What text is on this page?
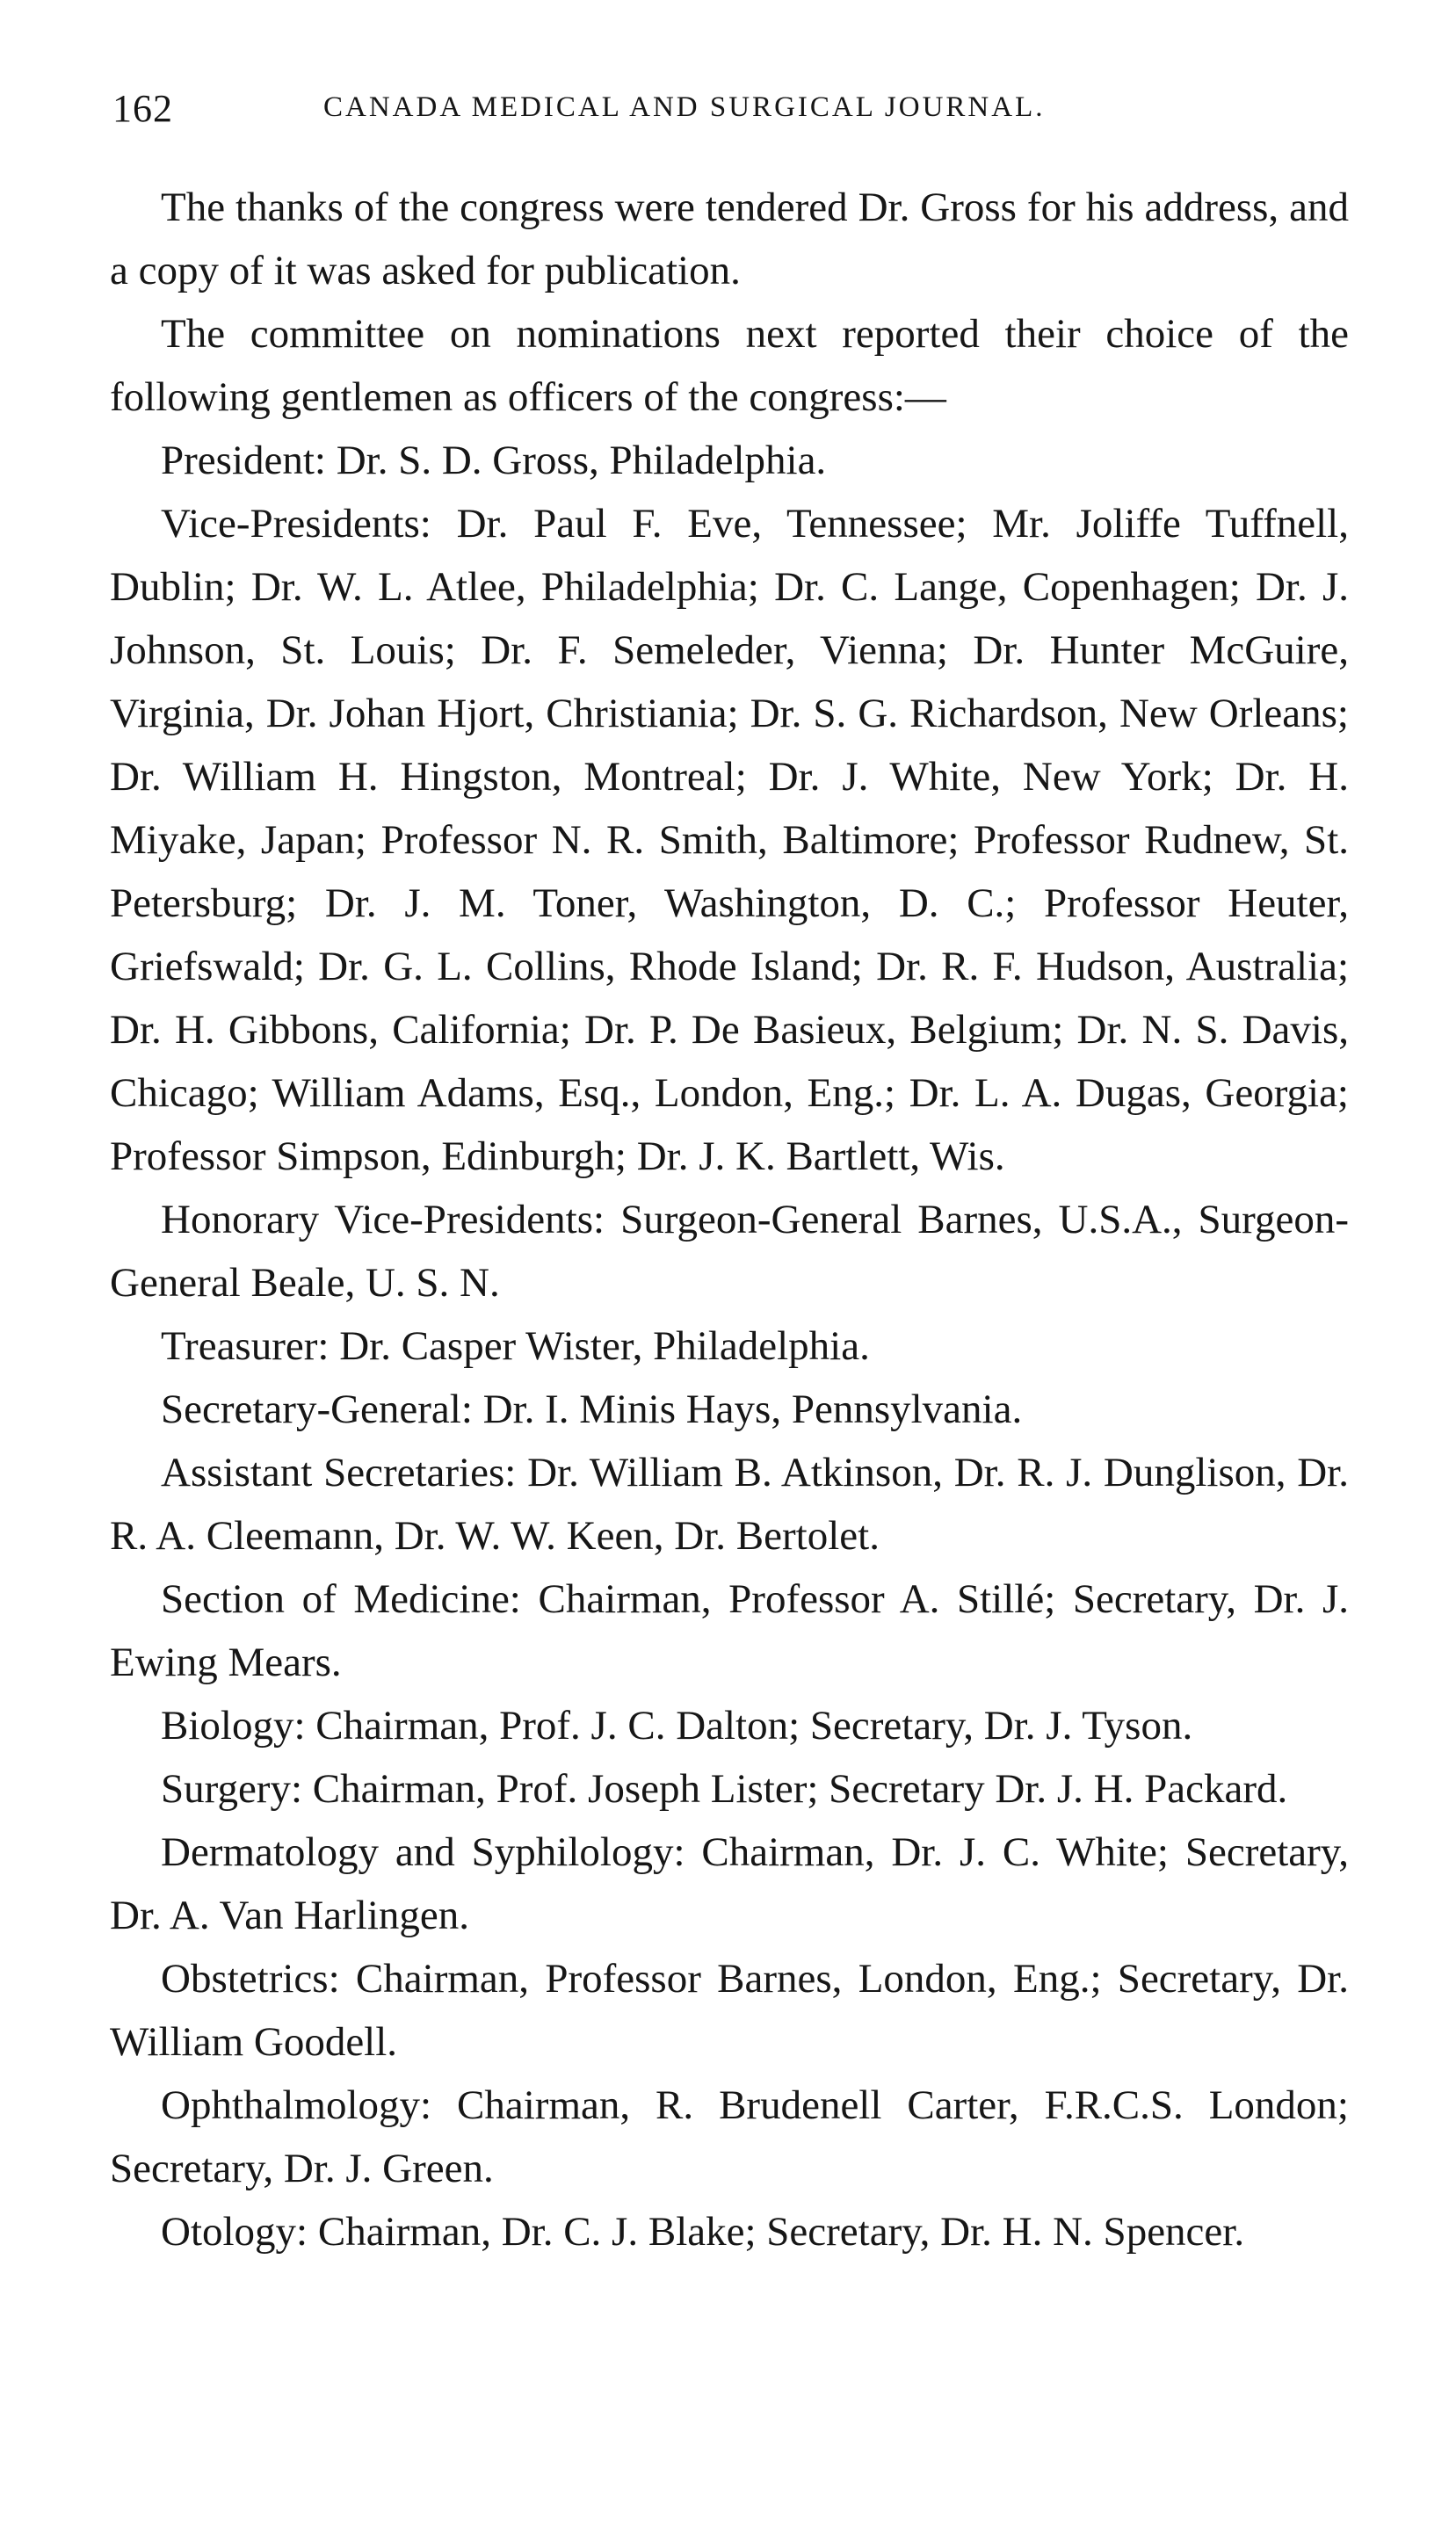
162	CANADA MEDICAL AND SURGICAL JOURNAL.

The thanks of the congress were tendered Dr. Gross for his address, and a copy of it was asked for publication.

The committee on nominations next reported their choice of the following gentlemen as officers of the congress:—

President: Dr. S. D. Gross, Philadelphia.

Vice-Presidents: Dr. Paul F. Eve, Tennessee; Mr. Joliffe Tuffnell, Dublin; Dr. W. L. Atlee, Philadelphia; Dr. C. Lange, Copenhagen; Dr. J. Johnson, St. Louis; Dr. F. Semeleder, Vienna; Dr. Hunter McGuire, Virginia, Dr. Johan Hjort, Christiania; Dr. S. G. Richardson, New Orleans; Dr. William H. Hingston, Montreal; Dr. J. White, New York; Dr. H. Miyake, Japan; Professor N. R. Smith, Baltimore; Professor Rudnew, St. Petersburg; Dr. J. M. Toner, Washington, D. C.; Professor Heuter, Griefswald; Dr. G. L. Collins, Rhode Island; Dr. R. F. Hudson, Australia; Dr. H. Gibbons, California; Dr. P. De Basieux, Belgium; Dr. N. S. Davis, Chicago; William Adams, Esq., London, Eng.; Dr. L. A. Dugas, Georgia; Professor Simpson, Edinburgh; Dr. J. K. Bartlett, Wis.

Honorary Vice-Presidents: Surgeon-General Barnes, U.S.A., Surgeon-General Beale, U. S. N.

Treasurer: Dr. Casper Wister, Philadelphia.

Secretary-General: Dr. I. Minis Hays, Pennsylvania.

Assistant Secretaries: Dr. William B. Atkinson, Dr. R. J. Dunglison, Dr. R. A. Cleemann, Dr. W. W. Keen, Dr. Bertolet.

Section of Medicine: Chairman, Professor A. Stillé; Secretary, Dr. J. Ewing Mears.

Biology: Chairman, Prof. J. C. Dalton; Secretary, Dr. J. Tyson.

Surgery: Chairman, Prof. Joseph Lister; Secretary Dr. J. H. Packard.

Dermatology and Syphilology: Chairman, Dr. J. C. White; Secretary, Dr. A. Van Harlingen.

Obstetrics: Chairman, Professor Barnes, London, Eng.; Secretary, Dr. William Goodell.

Ophthalmology: Chairman, R. Brudenell Carter, F.R.C.S. London; Secretary, Dr. J. Green.

Otology: Chairman, Dr. C. J. Blake; Secretary, Dr. H. N. Spencer.
